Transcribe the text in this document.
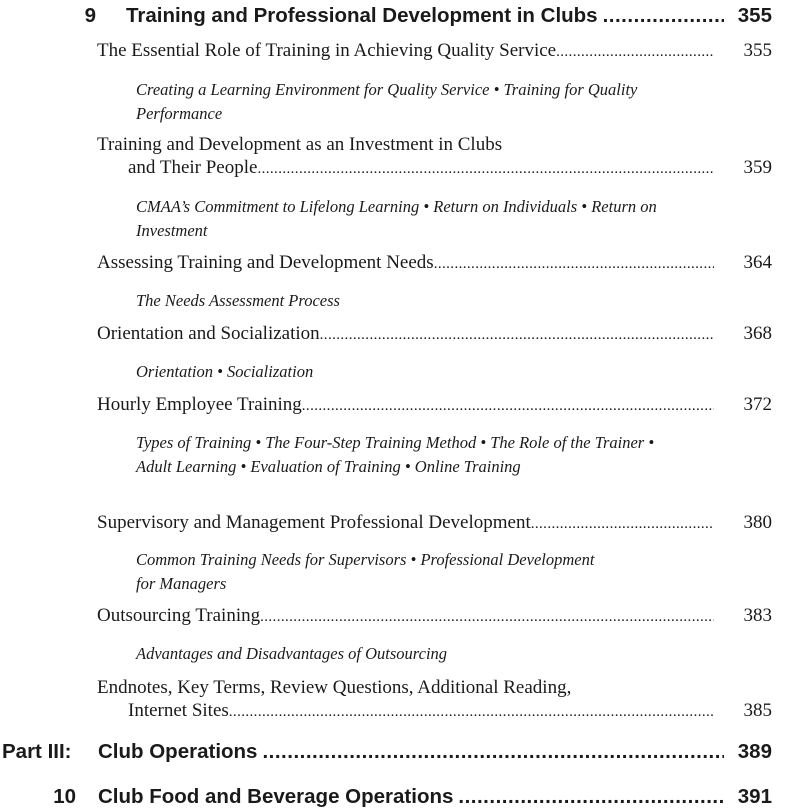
9 Training and Professional Development in Clubs .....	355
The Essential Role of Training in Achieving Quality Service .....	355
Creating a Learning Environment for Quality Service • Training for Quality Performance
Training and Development as an Investment in Clubs
and Their People .....	359
CMAA’s Commitment to Lifelong Learning • Return on Individuals • Return on Investment
Assessing Training and Development Needs .....	364
The Needs Assessment Process
Orientation and Socialization .....	368
Orientation • Socialization
Hourly Employee Training .....	372
Types of Training • The Four-Step Training Method • The Role of the Trainer • Adult Learning • Evaluation of Training • Online Training
Supervisory and Management Professional Development .....	380
Common Training Needs for Supervisors • Professional Development for Managers
Outsourcing Training .....	383
Advantages and Disadvantages of Outsourcing
Endnotes, Key Terms, Review Questions, Additional Reading,
Internet Sites .....	385
Part III:	Club Operations .....	389
10 Club Food and Beverage Operations .....	391
